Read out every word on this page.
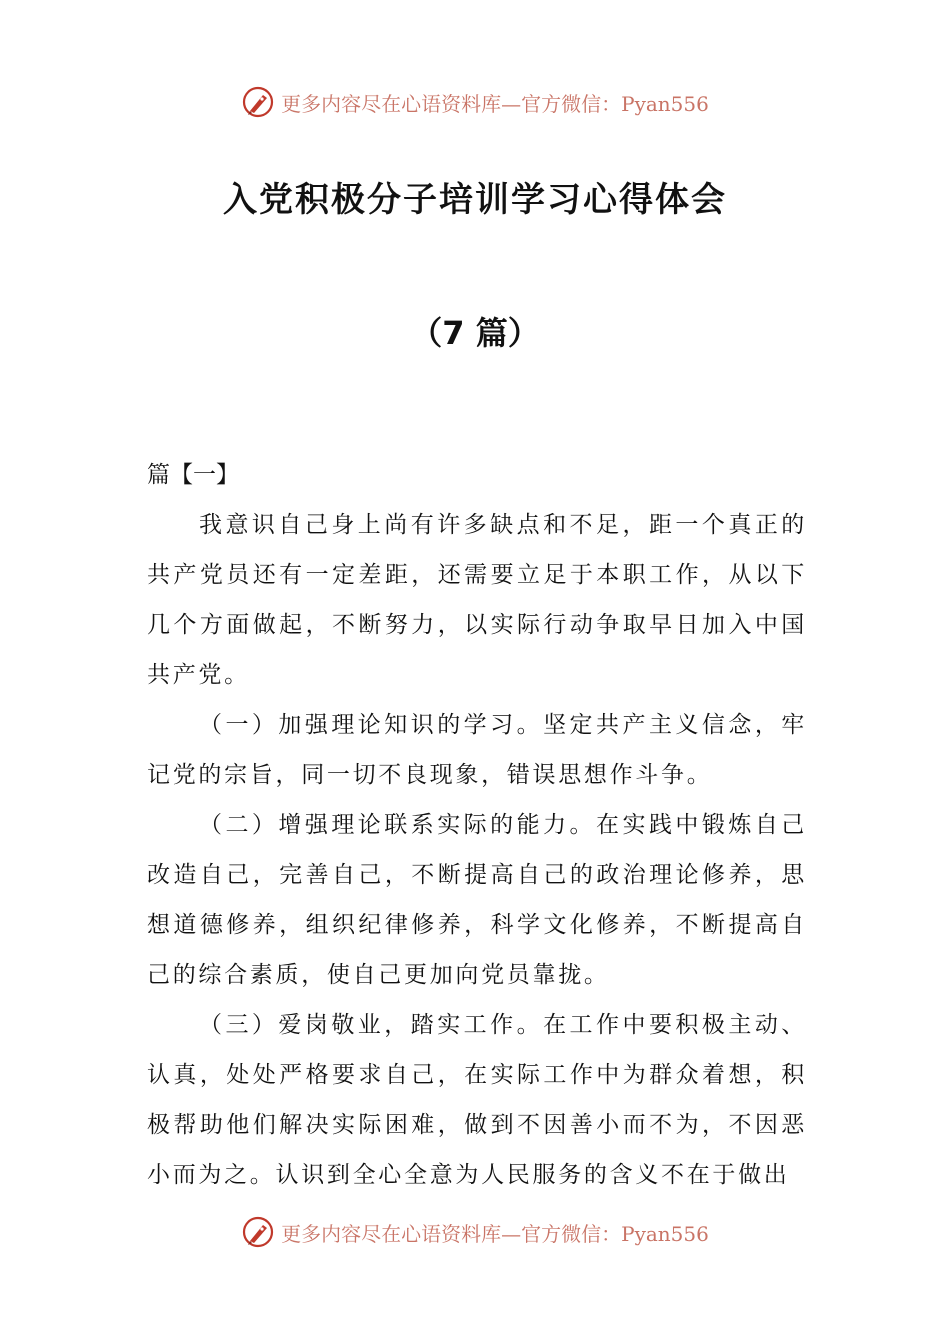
更多内容尽在心语资料库—官方微信：Pyan556
入党积极分子培训学习心得体会
（7 篇）

篇【一】

我意识自己身上尚有许多缺点和不足，距一个真正的共产党员还有一定差距，还需要立足于本职工作，从以下几个方面做起，不断努力，以实际行动争取早日加入中国共产党。

（一）加强理论知识的学习。坚定共产主义信念，牢记党的宗旨，同一切不良现象，错误思想作斗争。

（二）增强理论联系实际的能力。在实践中锻炼自己改造自己，完善自己，不断提高自己的政治理论修养，思想道德修养，组织纪律修养，科学文化修养，不断提高自己的综合素质，使自己更加向党员靠拢。

（三）爱岗敬业，踏实工作。在工作中要积极主动、认真，处处严格要求自己，在实际工作中为群众着想，积极帮助他们解决实际困难，做到不因善小而不为，不因恶小而为之。认识到全心全意为人民服务的含义不在于做出

更多内容尽在心语资料库—官方微信：Pyan556
